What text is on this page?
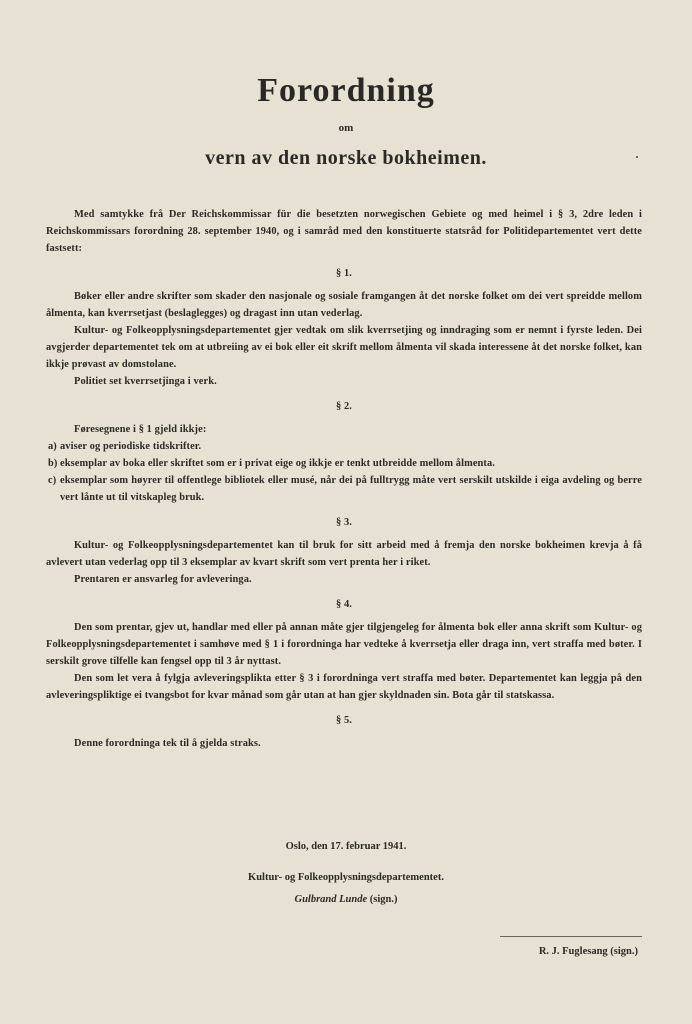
Forordning
om
vern av den norske bokheimen.

Med samtykke frå Der Reichskommissar für die besetzten norwegischen Gebiete og med heimel i § 3, 2dre leden i Reichskommissars forordning 28. september 1940, og i samråd med den konstituerte statsråd for Politidepartementet vert dette fastsett:

§ 1.

Bøker eller andre skrifter som skader den nasjonale og sosiale framgangen åt det norske folket om dei vert spreidde mellom ålmenta, kan kverrsetjast (beslaglegges) og dragast inn utan vederlag.

Kultur- og Folkeopplysningsdepartementet gjer vedtak om slik kverrsetjing og inndraging som er nemnt i fyrste leden. Dei avgjerder departementet tek om at utbreiing av ei bok eller eit skrift mellom ålmenta vil skada interessene åt det norske folket, kan ikkje prøvast av domstolane.

Politiet set kverrsetjinga i verk.

§ 2.

Føresegnene i § 1 gjeld ikkje:

a) aviser og periodiske tidskrifter.
b) eksemplar av boka eller skriftet som er i privat eige og ikkje er tenkt utbreidde mellom ålmenta.
c) eksemplar som høyrer til offentlege bibliotek eller musé, når dei på fulltrygg måte vert serskilt utskilde i eiga avdeling og berre vert lånte ut til vitskapleg bruk.
§ 3.

Kultur- og Folkeopplysningsdepartementet kan til bruk for sitt arbeid med å fremja den norske bokheimen krevja å få avlevert utan vederlag opp til 3 eksemplar av kvart skrift som vert prenta her i riket.

Prentaren er ansvarleg for avleveringa.

§ 4.

Den som prentar, gjev ut, handlar med eller på annan måte gjer tilgjengeleg for ålmenta bok eller anna skrift som Kultur- og Folkeopplysningsdepartementet i samhøve med § 1 i forordninga har vedteke å kverrsetja eller draga inn, vert straffa med bøter. I serskilt grove tilfelle kan fengsel opp til 3 år nyttast.

Den som let vera å fylgja avleveringsplikta etter § 3 i forordninga vert straffa med bøter. Departementet kan leggja på den avleveringspliktige ei tvangsbot for kvar månad som går utan at han gjer skyldnaden sin. Bota går til statskassa.

§ 5.

Denne forordninga tek til å gjelda straks.

Oslo, den 17. februar 1941.
Kultur- og Folkeopplysningsdepartementet.
Gulbrand Lunde (sign.)
R. J. Fuglesang (sign.)
